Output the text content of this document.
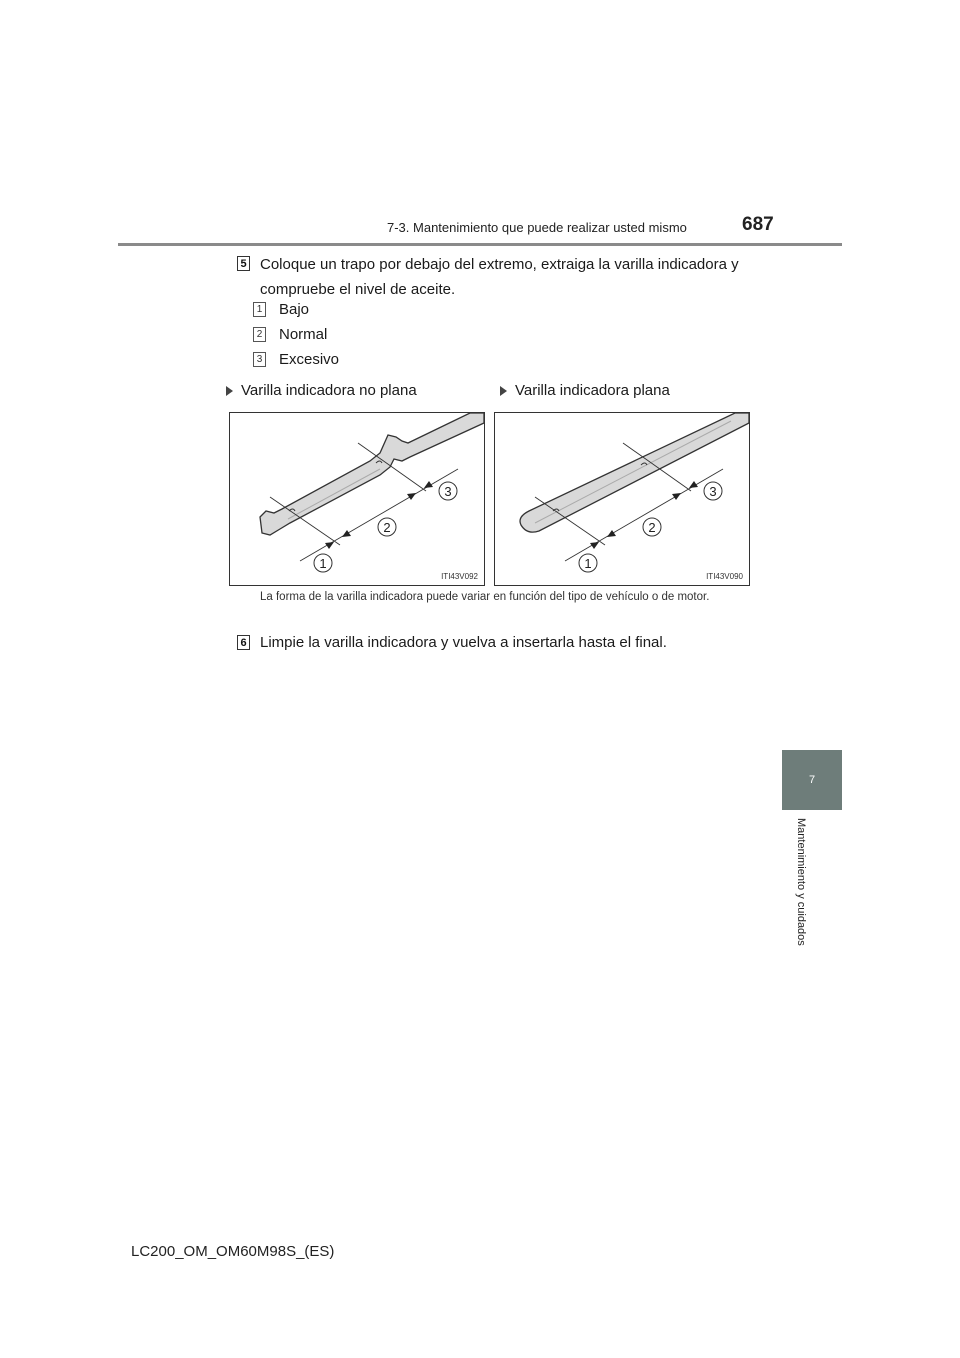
7-3. Mantenimiento que puede realizar usted mismo	687
5 Coloque un trapo por debajo del extremo, extraiga la varilla indicadora y compruebe el nivel de aceite.
1 Bajo
2 Normal
3 Excesivo
Varilla indicadora no plana	Varilla indicadora plana
1
2
3
ITI43V092
1
2
3
ITI43V090
La forma de la varilla indicadora puede variar en función del tipo de vehículo o de motor.
6 Limpie la varilla indicadora y vuelva a insertarla hasta el final.
7
Mantenimiento y cuidados
LC200_OM_OM60M98S_(ES)
